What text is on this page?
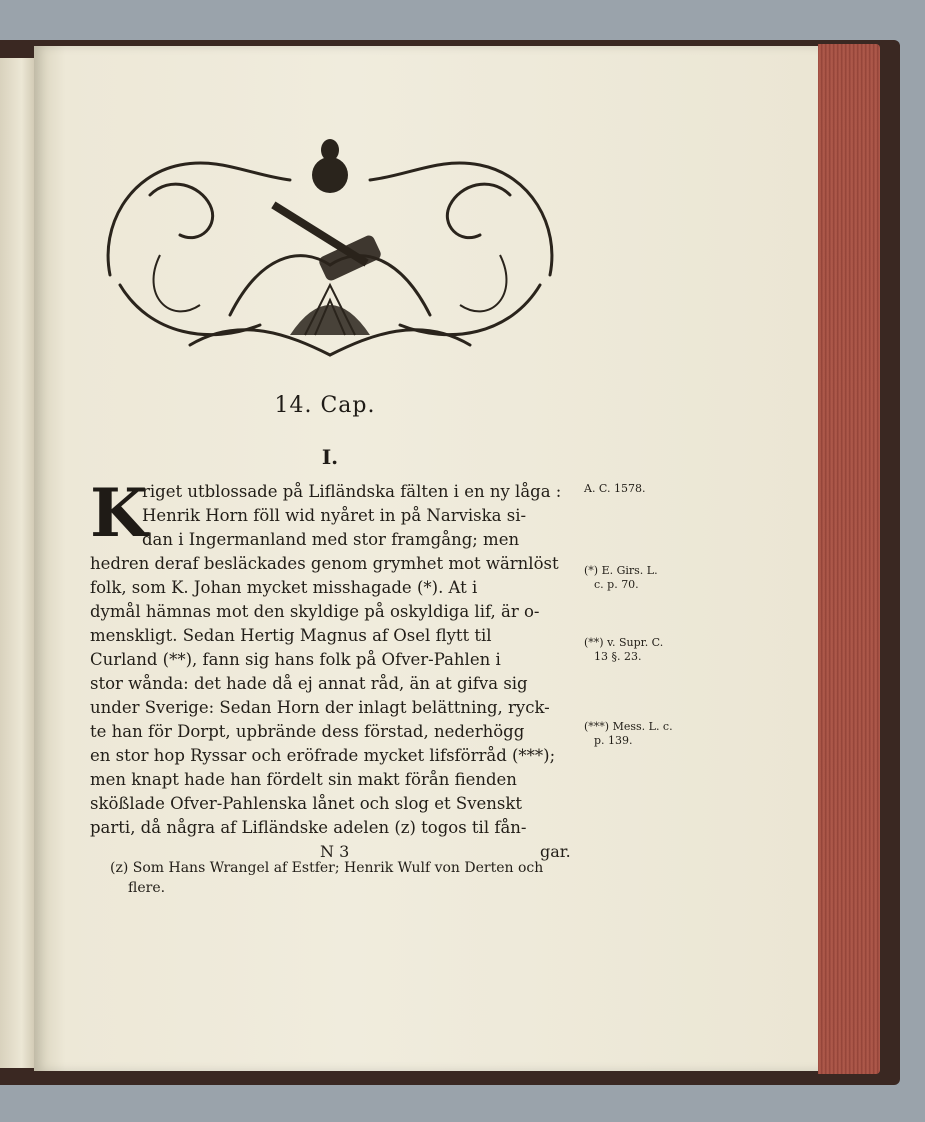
14. Cap.
I.
K
riget utblossade på Lifländska fälten i en ny låga :
Henrik Horn föll wid nyåret in på Narviska si-
dan i Ingermanland med stor framgång; men
hedren deraf besläckades genom grymhet mot wärnlöst
folk, som K. Johan mycket misshagade (*). At i
dymål hämnas mot den skyldige på oskyldiga lif, är o-
menskligt. Sedan Hertig Magnus af Osel flytt til
Curland (**), fann sig hans folk på Ofver-Pahlen i
stor wånda: det hade då ej annat råd, än at gifva sig
under Sverige: Sedan Horn der inlagt belättning, ryck-
te han för Dorpt, upbrände dess förstad, nederhögg
en stor hop Ryssar och eröfrade mycket lifsförråd (***);
men knapt hade han fördelt sin makt förån fienden
skößlade Ofver-Pahlenska lånet och slog et Svenskt
parti, då några af Lifländske adelen (z) togos til fån-
A. C. 1578.
(*) E. Girs. L.
c. p. 70.
(**) v. Supr. C.
13 §. 23.
(***) Mess. L. c.
p. 139.
N 3	gar.
(z) Som Hans Wrangel af Estfer; Henrik Wulf von Derten och
flere.
